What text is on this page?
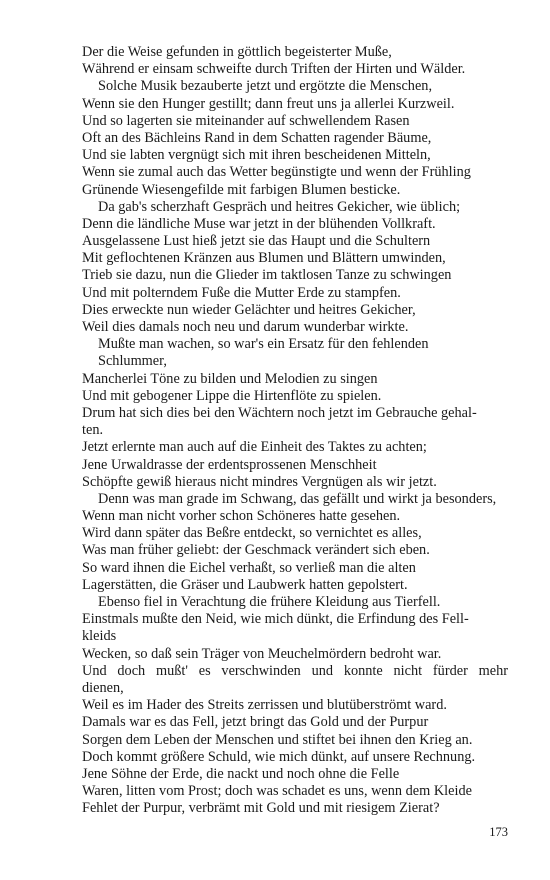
Der die Weise gefunden in göttlich begeisterter Muße,
Während er einsam schweifte durch Triften der Hirten und Wälder.
Solche Musik bezauberte jetzt und ergötzte die Menschen,
Wenn sie den Hunger gestillt; dann freut uns ja allerlei Kurzweil.
Und so lagerten sie miteinander auf schwellendem Rasen
Oft an des Bächleins Rand in dem Schatten ragender Bäume,
Und sie labten vergnügt sich mit ihren bescheidenen Mitteln,
Wenn sie zumal auch das Wetter begünstigte und wenn der Frühling
Grünende Wiesengefilde mit farbigen Blumen besticke.
Da gab's scherzhaft Gespräch und heitres Gekicher, wie üblich;
Denn die ländliche Muse war jetzt in der blühenden Vollkraft.
Ausgelassene Lust hieß jetzt sie das Haupt und die Schultern
Mit geflochtenen Kränzen aus Blumen und Blättern umwinden,
Trieb sie dazu, nun die Glieder im taktlosen Tanze zu schwingen
Und mit polterndem Fuße die Mutter Erde zu stampfen.
Dies erweckte nun wieder Gelächter und heitres Gekicher,
Weil dies damals noch neu und darum wunderbar wirkte.
Mußte man wachen, so war's ein Ersatz für den fehlenden
Schlummer,
Mancherlei Töne zu bilden und Melodien zu singen
Und mit gebogener Lippe die Hirtenflöte zu spielen.
Drum hat sich dies bei den Wächtern noch jetzt im Gebrauche gehal-
ten.
Jetzt erlernte man auch auf die Einheit des Taktes zu achten;
Jene Urwaldrasse der erdentsprossenen Menschheit
Schöpfte gewiß hieraus nicht mindres Vergnügen als wir jetzt.
Denn was man grade im Schwang, das gefällt und wirkt ja besonders,
Wenn man nicht vorher schon Schöneres hatte gesehen.
Wird dann später das Beßre entdeckt, so vernichtet es alles,
Was man früher geliebt: der Geschmack verändert sich eben.
So ward ihnen die Eichel verhaßt, so verließ man die alten
Lagerstätten, die Gräser und Laubwerk hatten gepolstert.
Ebenso fiel in Verachtung die frühere Kleidung aus Tierfell.
Einstmals mußte den Neid, wie mich dünkt, die Erfindung des Fell-
kleids
Wecken, so daß sein Träger von Meuchelmördern bedroht war.
Und doch mußt' es verschwinden und konnte nicht fürder mehr
dienen,
Weil es im Hader des Streits zerrissen und blutüberströmt ward.
Damals war es das Fell, jetzt bringt das Gold und der Purpur
Sorgen dem Leben der Menschen und stiftet bei ihnen den Krieg an.
Doch kommt größere Schuld, wie mich dünkt, auf unsere Rechnung.
Jene Söhne der Erde, die nackt und noch ohne die Felle
Waren, litten vom Prost; doch was schadet es uns, wenn dem Kleide
Fehlet der Purpur, verbrämt mit Gold und mit riesigem Zierat?
173
